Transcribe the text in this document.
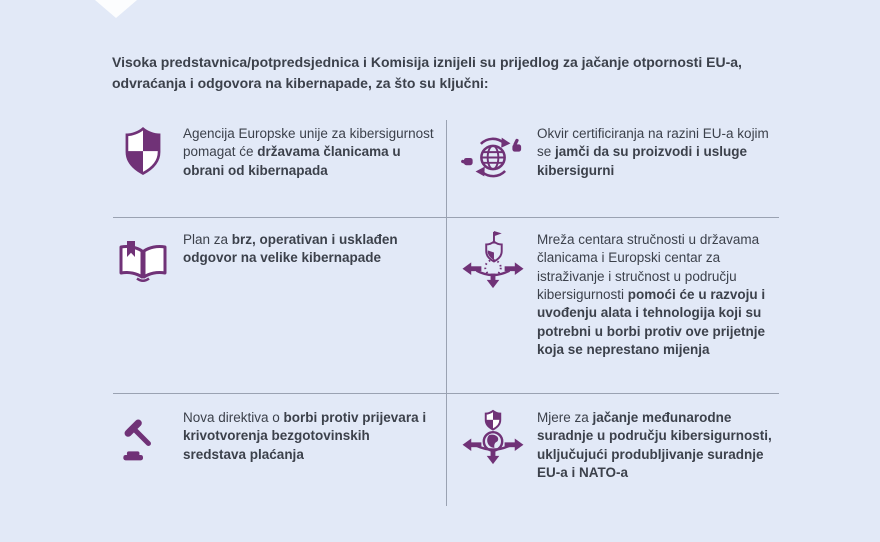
Visoka predstavnica/potpredsjednica i Komisija iznijeli su prijedlog za jačanje otpornosti EU-a, odvraćanja i odgovora na kibernapade, za što su ključni:

Agencija Europske unije za kibersigurnost pomagat će državama članicama u obrani od kibernapada

Okvir certificiranja na razini EU-a kojim se jamči da su proizvodi i usluge kibersigurni

Plan za brz, operativan i usklađen odgovor na velike kibernapade

Mreža centara stručnosti u državama članicama i Europski centar za istraživanje i stručnost u području kibersigurnosti pomoći će u razvoju i uvođenju alata i tehnologija koji su potrebni u borbi protiv ove prijetnje koja se neprestano mijenja

Nova direktiva o borbi protiv prijevara i krivotvorenja bezgotovinskih sredstava plaćanja

Mjere za jačanje međunarodne suradnje u području kibersigurnosti, uključujući produbljivanje suradnje EU-a i NATO-a
